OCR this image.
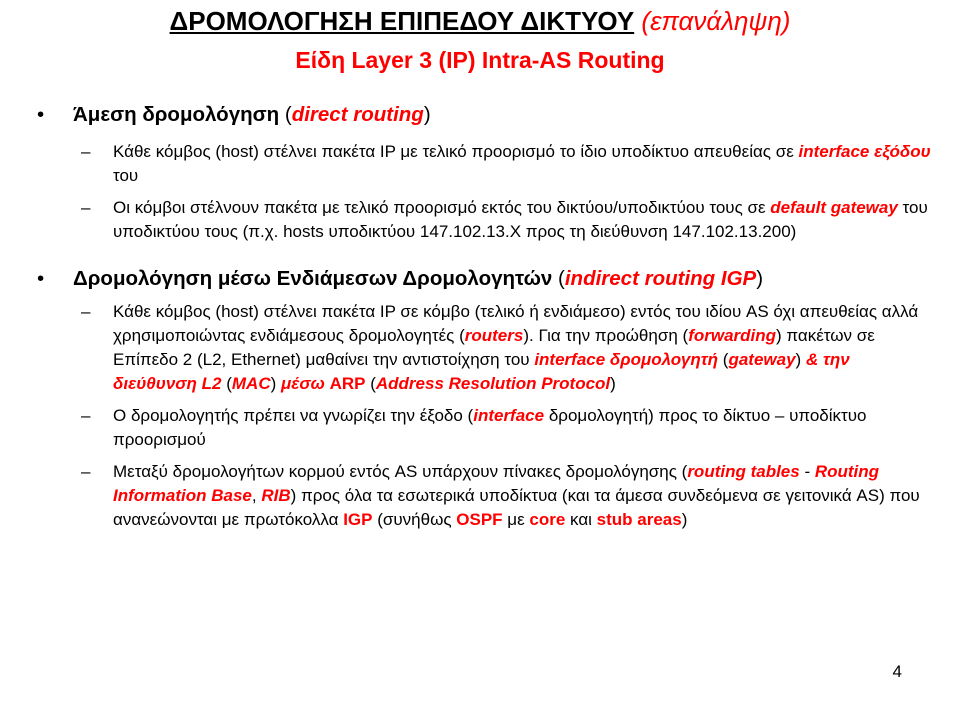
ΔΡΟΜΟΛΟΓΗΣΗ ΕΠΙΠΕΔΟΥ ΔΙΚΤΥΟΥ (επανάληψη)
Είδη Layer 3 (IP) Intra-AS Routing
• Άμεση δρομολόγηση (direct routing)
– Κάθε κόμβος (host) στέλνει πακέτα IP με τελικό προορισμό το ίδιο υποδίκτυο απευθείας σε interface εξόδου του
– Οι κόμβοι στέλνουν πακέτα με τελικό προορισμό εκτός του δικτύου/υποδικτύου τους σε default gateway του υποδικτύου τους (π.χ. hosts υποδικτύου 147.102.13.X προς τη διεύθυνση 147.102.13.200)
• Δρομολόγηση μέσω Ενδιάμεσων Δρομολογητών (indirect routing IGP)
– Κάθε κόμβος (host) στέλνει πακέτα IP σε κόμβο (τελικό ή ενδιάμεσο) εντός του ιδίου AS όχι απευθείας αλλά χρησιμοποιώντας ενδιάμεσους δρομολογητές (routers). Για την προώθηση (forwarding) πακέτων σε Επίπεδο 2 (L2, Ethernet) μαθαίνει την αντιστοίχηση του interface δρομολογητή (gateway) & την διεύθυνση L2 (MAC) μέσω ARP (Address Resolution Protocol)
– Ο δρομολογητής πρέπει να γνωρίζει την έξοδο (interface δρομολογητή) προς το δίκτυο – υποδίκτυο προορισμού
– Μεταξύ δρομολογήτων κορμού εντός AS υπάρχουν πίνακες δρομολόγησης (routing tables - Routing Information Base, RIB) προς όλα τα εσωτερικά υποδίκτυα (και τα άμεσα συνδεόμενα σε γειτονικά AS) που ανανεώνονται με πρωτόκολλα IGP (συνήθως OSPF με core και stub areas)
4
